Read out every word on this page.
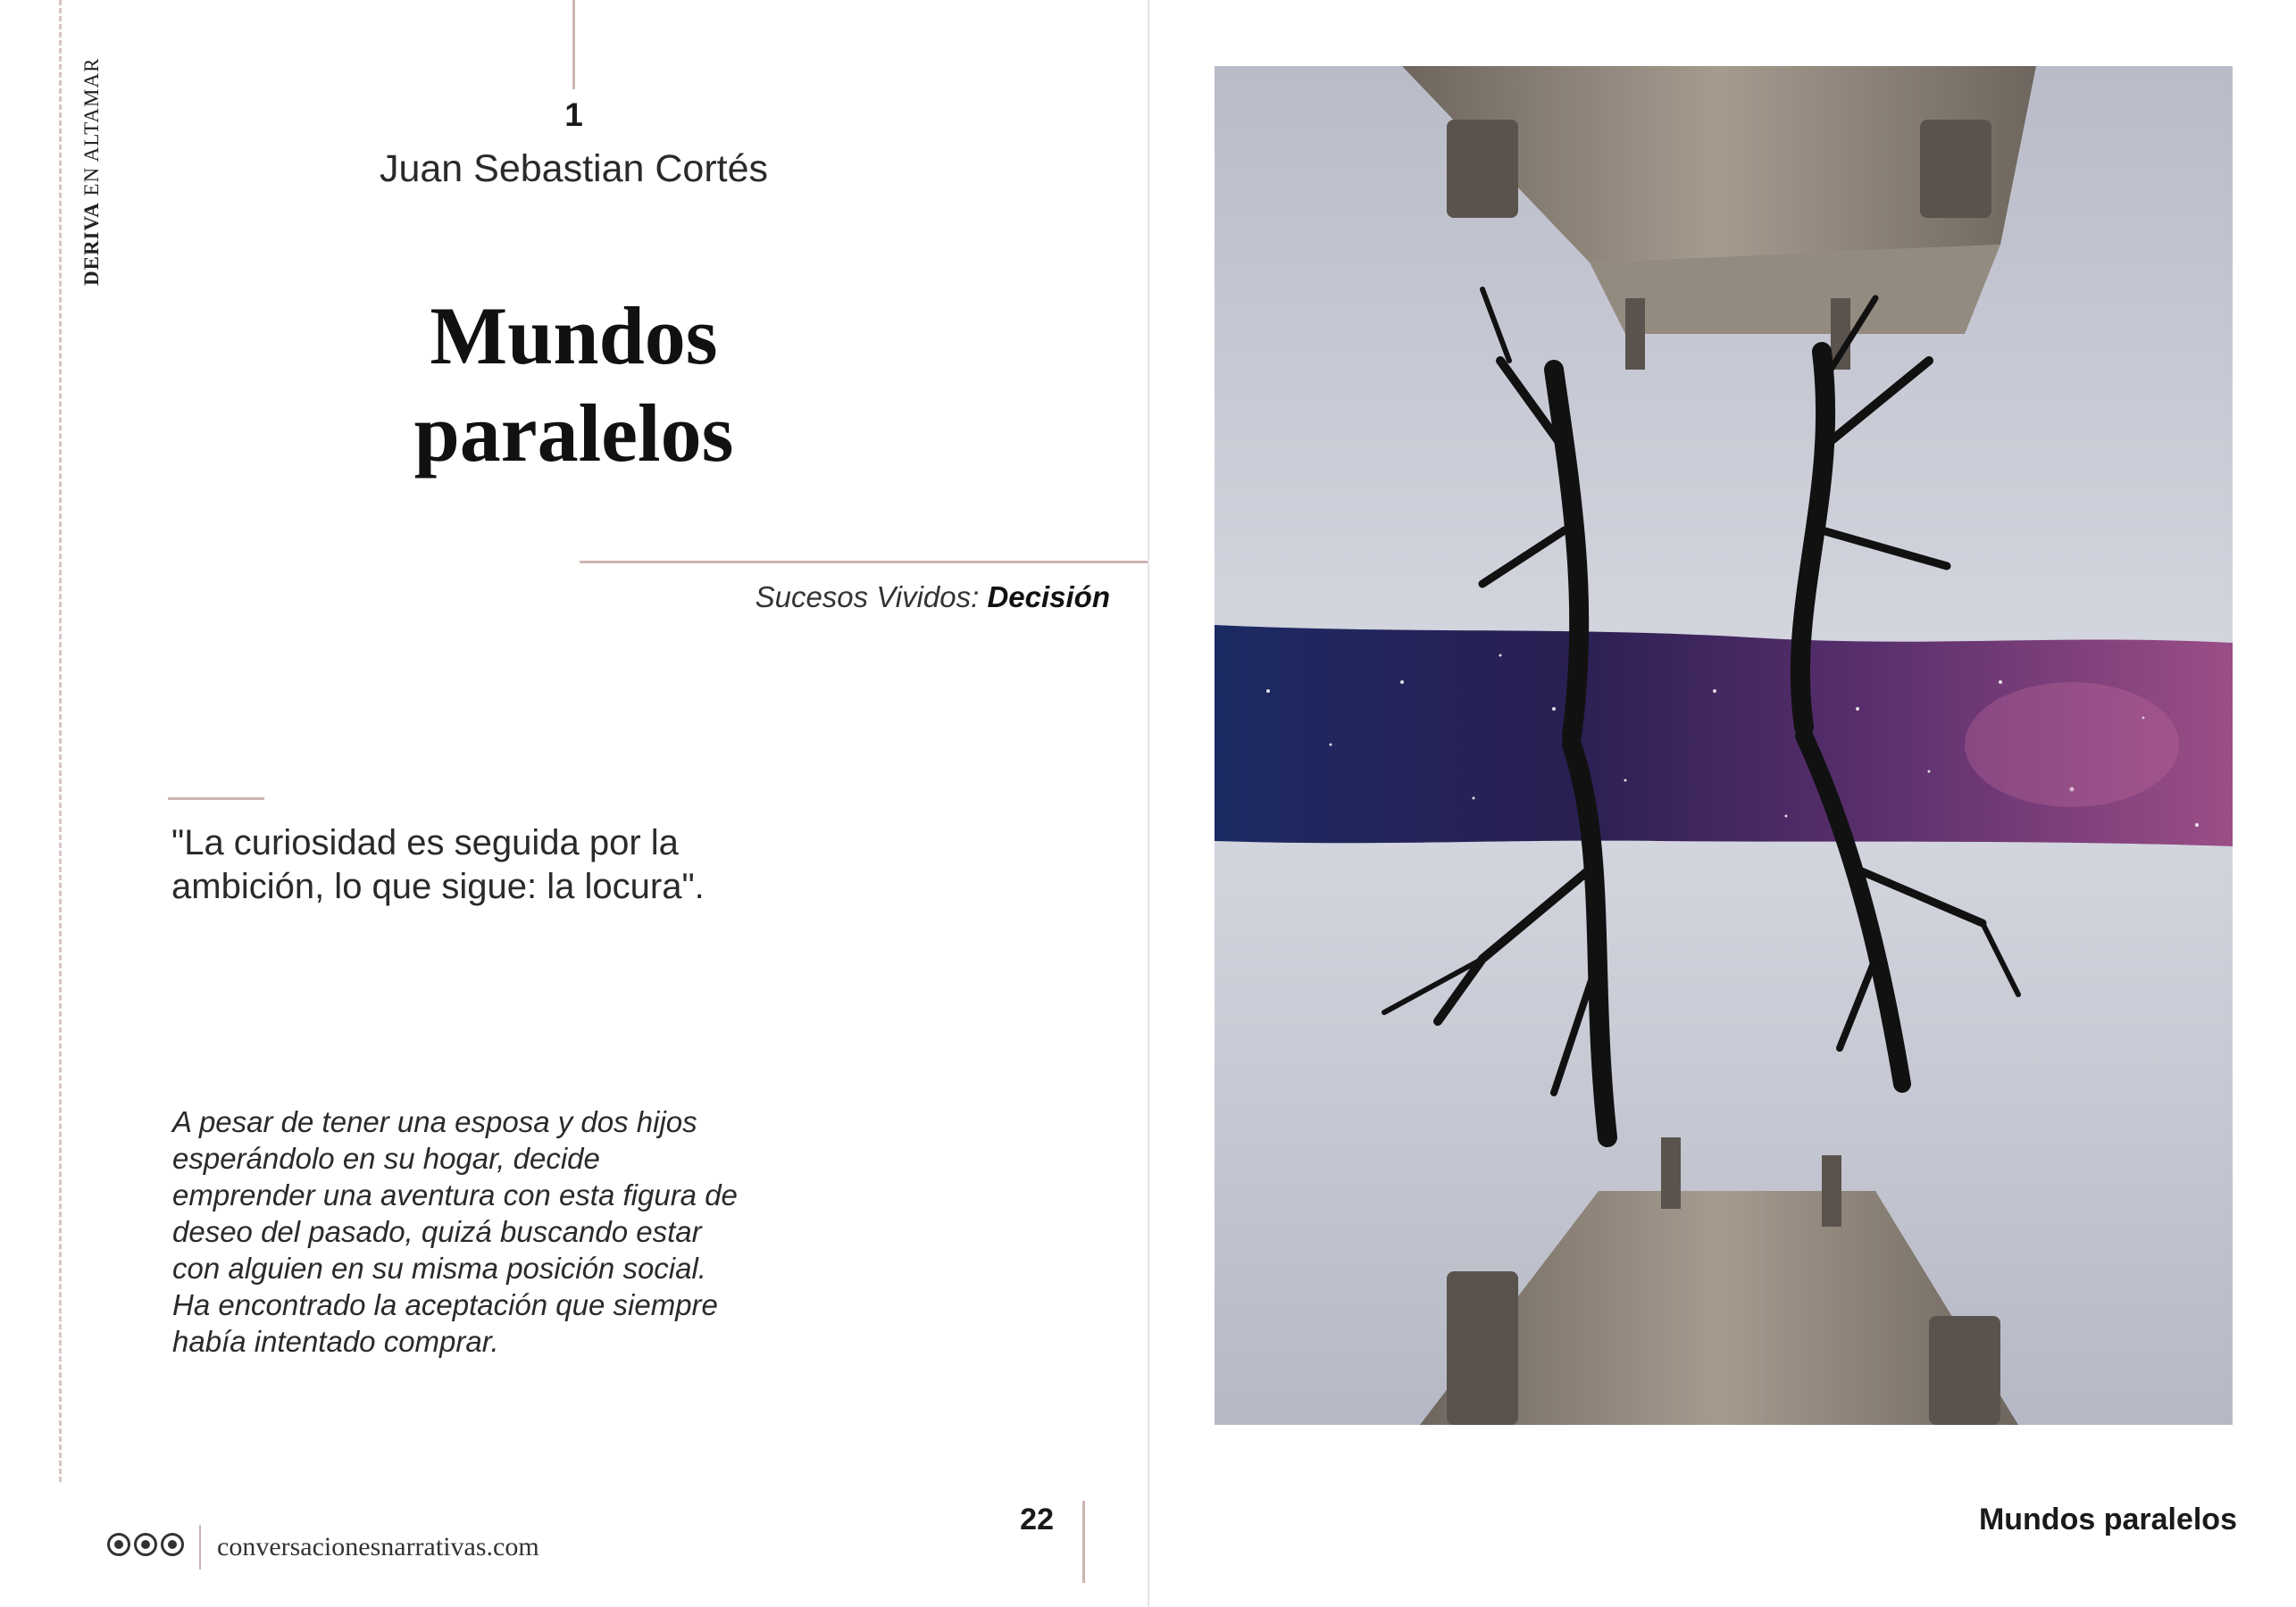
DERIVA EN ALTAMAR	1
Juan Sebastian Cortés
Mundos
paralelos
Sucesos Vividos: Decisión
"La curiosidad es seguida por la ambición, lo que sigue: la locura".
A pesar de tener una esposa y dos hijos esperándolo en su hogar, decide emprender una aventura con esta figura de deseo del pasado, quizá buscando estar con alguien en su misma posición social. Ha encontrado la aceptación que siempre había intentado comprar.
conversacionesnarrativas.com
22	Mundos paralelos
